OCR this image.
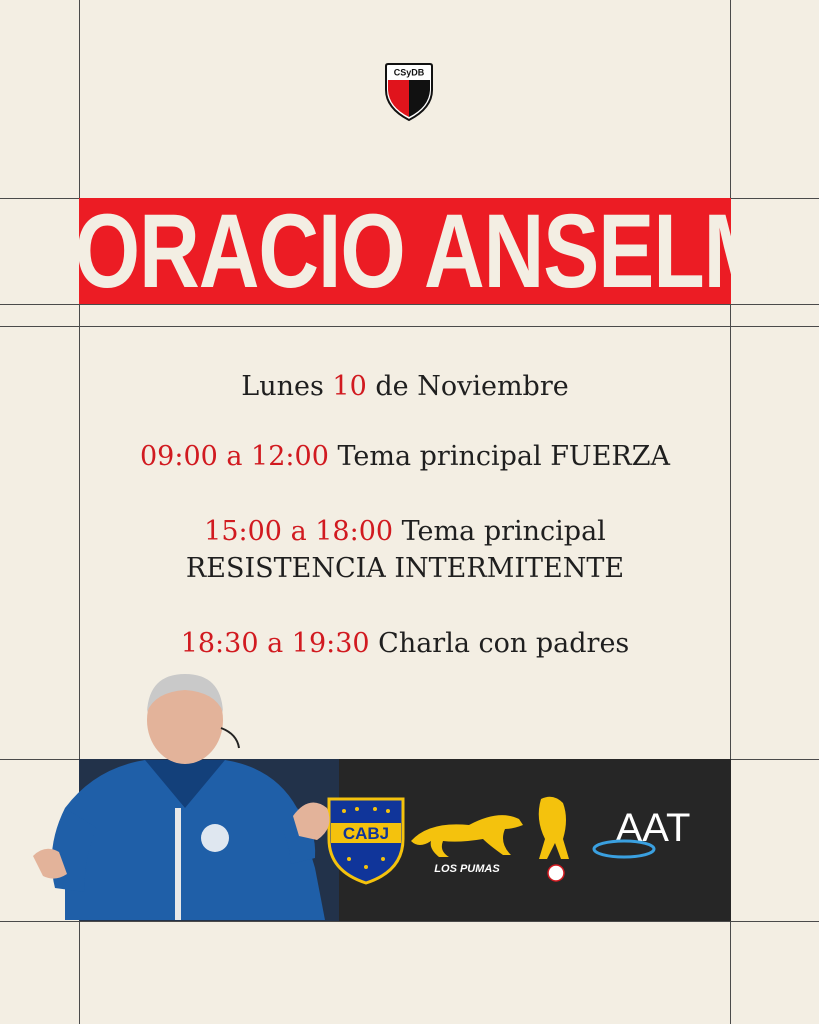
CSyDB
HORACIO ANSELMI
Lunes 10 de Noviembre
09:00 a 12:00 Tema principal FUERZA
15:00 a 18:00 Tema principal
RESISTENCIA INTERMITENTE
18:30 a 19:30 Charla con padres
CABJ
LOS PUMAS
AAT
